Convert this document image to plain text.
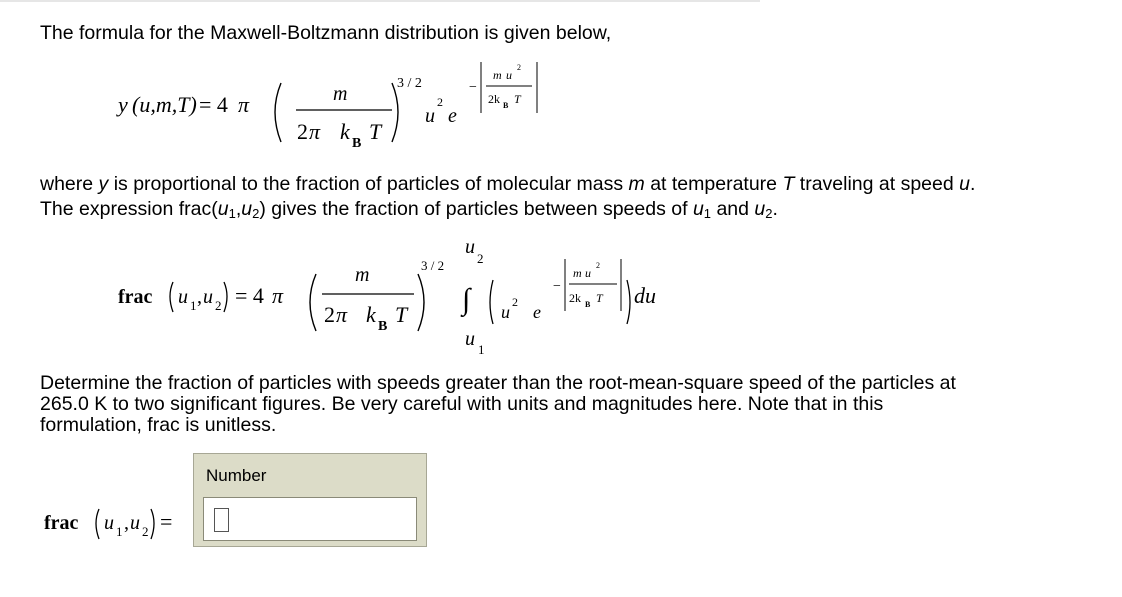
The formula for the Maxwell-Boltzmann distribution is given below,
y (u,m,T) = 4 π	m
2 π k B T
3 / 2
u
2
e
−
m u
2
2k B T
where y is proportional to the fraction of particles of molecular mass m at temperature T traveling at speed u.
The expression $frac(u_1,u_2)$ gives the fraction of particles between speeds of $u_1$ and $u_2$.
frac u 1 , u 2 = 4 π
m
2 π k B T
3 / 2
u
2
∫
u 1
u 2 e
−
m u
2
2k B T du
Determine the fraction of particles with speeds greater than the root-mean-square speed of the particles at
265.0 K to two significant figures. Be very careful with units and magnitudes here. Note that in this
formulation, frac is unitless.
frac u 1 , u 2 =
Number
